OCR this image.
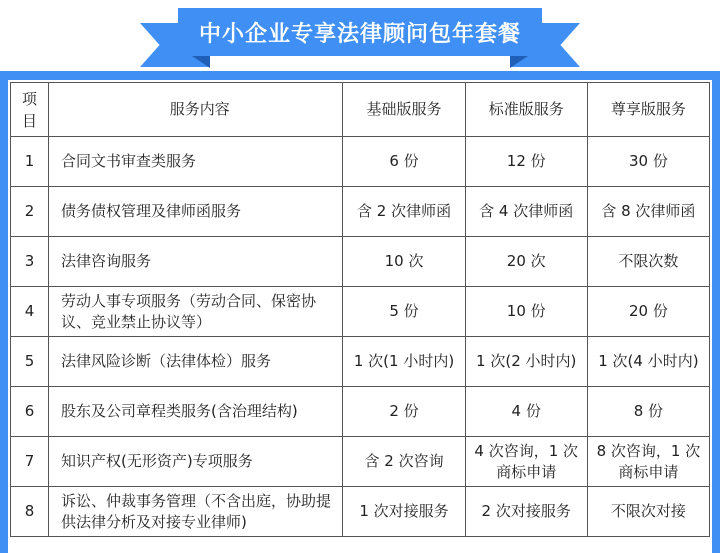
中小企业专享法律顾问包年套餐
项目	服务内容	基础版服务	标准版服务	尊享版服务
1	合同文书审查类服务	6 份	12 份	30 份
2	债务债权管理及律师函服务	含 2 次律师函	含 4 次律师函	含 8 次律师函
3	法律咨询服务	10 次	20 次	不限次数
4	劳动人事专项服务（劳动合同、保密协议、竞业禁止协议等）	5 份	10 份	20 份
5	法律风险诊断（法律体检）服务	1 次(1 小时内)	1 次(2 小时内)	1 次(4 小时内)
6	股东及公司章程类服务(含治理结构)	2 份	4 份	8 份
7	知识产权(无形资产)专项服务	含 2 次咨询	4 次咨询，1 次商标申请	8 次咨询，1 次商标申请
8	诉讼、仲裁事务管理（不含出庭，协助提供法律分析及对接专业律师)	1 次对接服务	2 次对接服务	不限次对接
